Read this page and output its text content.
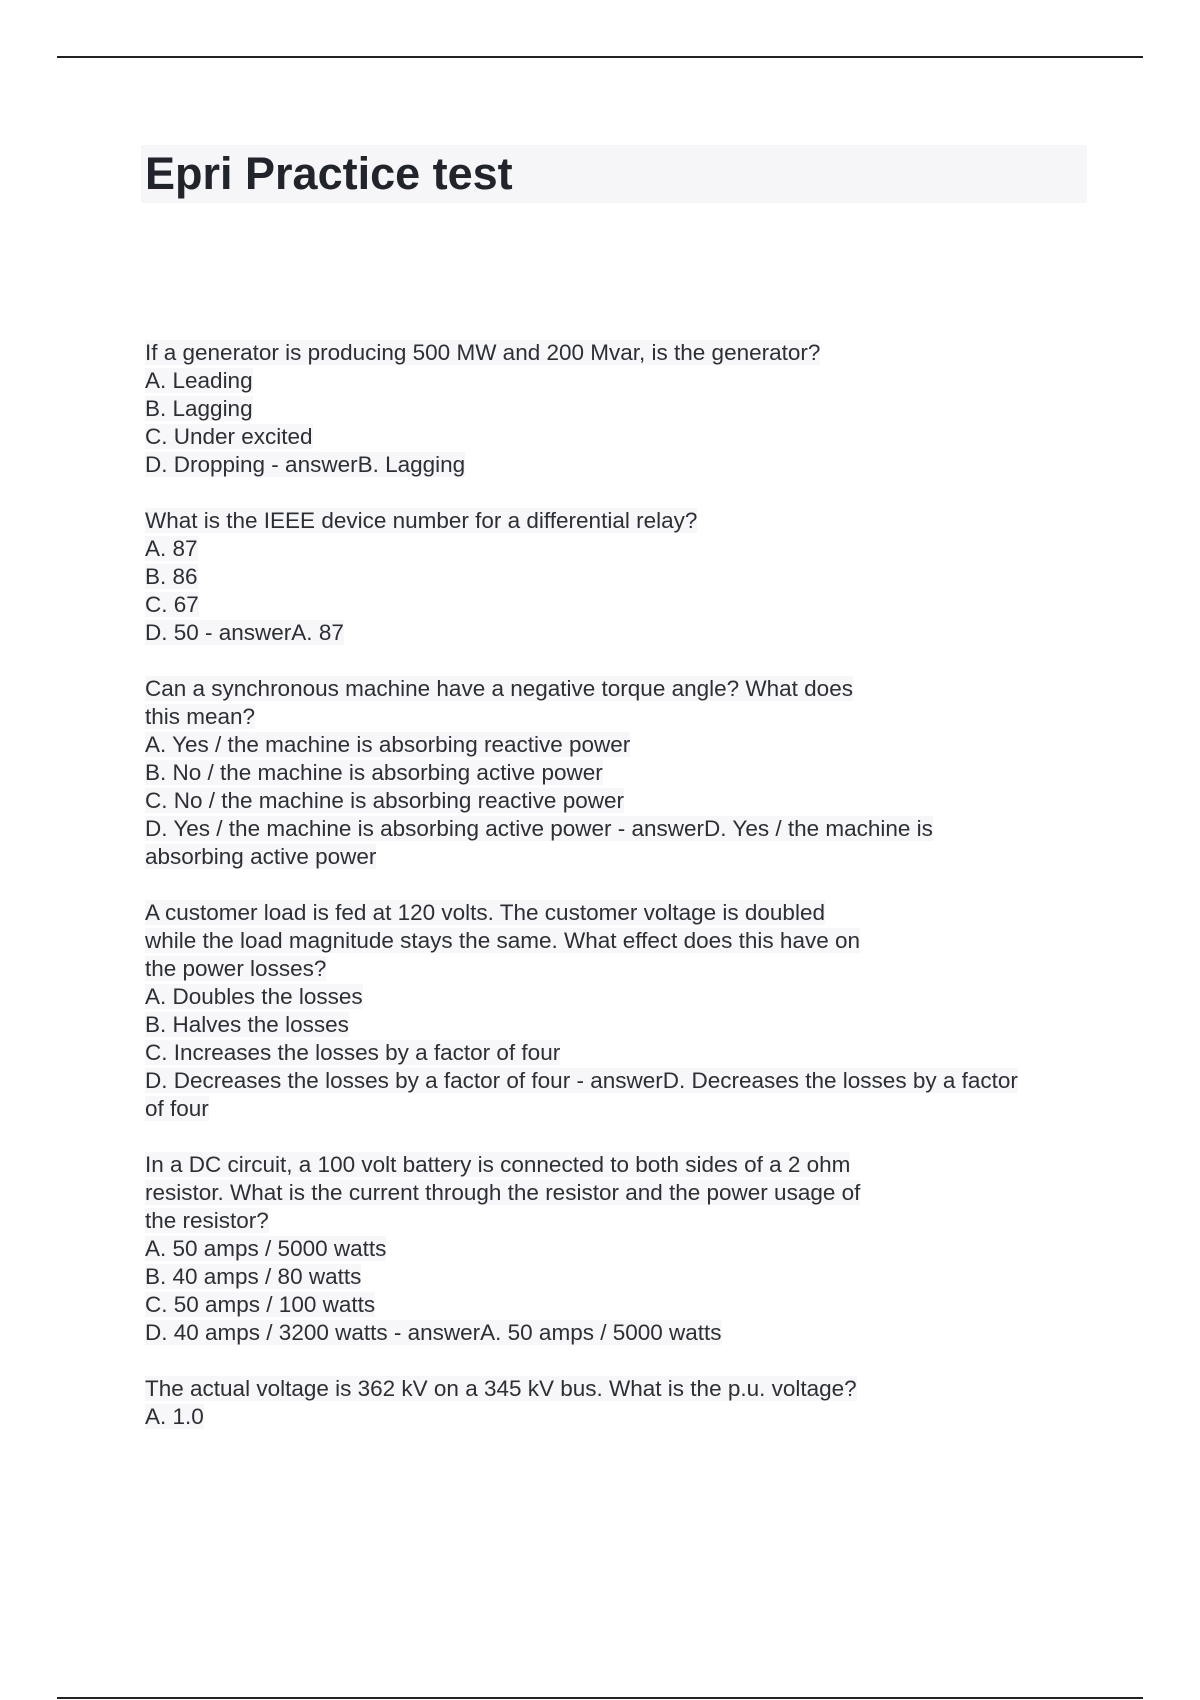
Epri Practice test
If a generator is producing 500 MW and 200 Mvar, is the generator?
A. Leading
B. Lagging
C. Under excited
D. Dropping - answerB. Lagging
What is the IEEE device number for a differential relay?
A. 87
B. 86
C. 67
D. 50 - answerA. 87
Can a synchronous machine have a negative torque angle? What does
this mean?
A. Yes / the machine is absorbing reactive power
B. No / the machine is absorbing active power
C. No / the machine is absorbing reactive power
D. Yes / the machine is absorbing active power - answerD. Yes / the machine is
absorbing active power
A customer load is fed at 120 volts. The customer voltage is doubled
while the load magnitude stays the same. What effect does this have on
the power losses?
A. Doubles the losses
B. Halves the losses
C. Increases the losses by a factor of four
D. Decreases the losses by a factor of four - answerD. Decreases the losses by a factor
of four
In a DC circuit, a 100 volt battery is connected to both sides of a 2 ohm
resistor. What is the current through the resistor and the power usage of
the resistor?
A. 50 amps / 5000 watts
B. 40 amps / 80 watts
C. 50 amps / 100 watts
D. 40 amps / 3200 watts - answerA. 50 amps / 5000 watts
The actual voltage is 362 kV on a 345 kV bus. What is the p.u. voltage?
A. 1.0
